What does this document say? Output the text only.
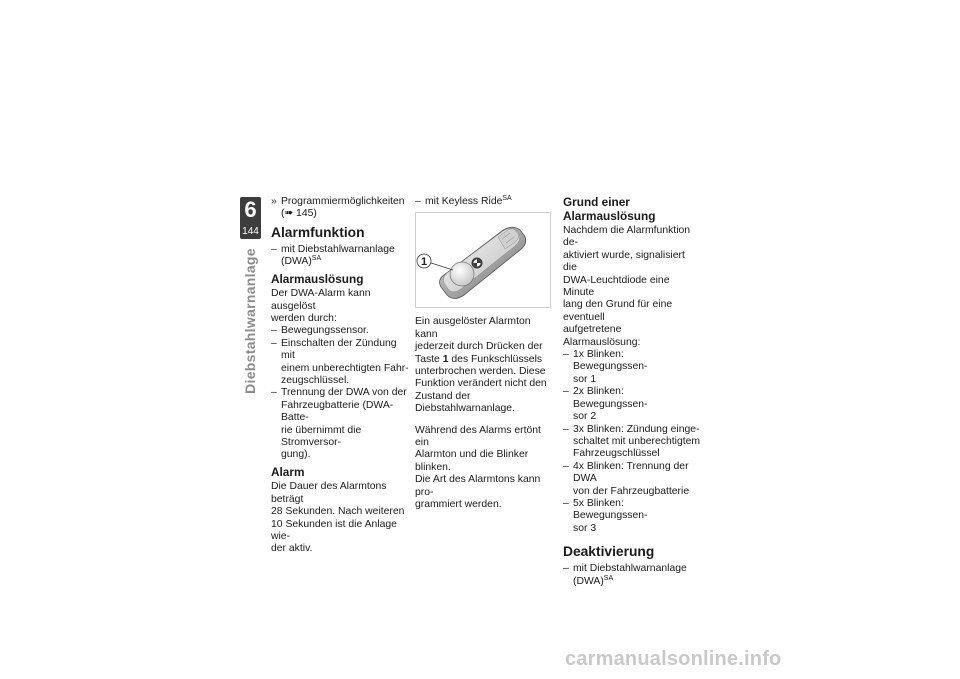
6
144
Diebstahlwarnanlage
» Programmiermöglichkeiten
(➠ 145)
Alarmfunktion
– mit Diebstahlwarnanlage
(DWA)$^{SA}$
Alarmauslösung

Der DWA-Alarm kann ausgelöst
werden durch:

– Bewegungssensor.
– Einschalten der Zündung mit
einem unberechtigten Fahr-
zeugschlüssel.
– Trennung der DWA von der
Fahrzeugbatterie (DWA-Batte-
rie übernimmt die Stromversor-
gung).
Alarm

Die Dauer des Alarmtons beträgt
28 Sekunden. Nach weiteren
10 Sekunden ist die Anlage wie-
der aktiv.

– mit Keyless Ride$^{SA}$
1

Ein ausgelöster Alarmton kann
jederzeit durch Drücken der
Taste 1 des Funkschlüssels
unterbrochen werden. Diese
Funktion verändert nicht den
Zustand der Diebstahlwarnanlage.

Während des Alarms ertönt ein
Alarmton und die Blinker blinken.
Die Art des Alarmtons kann pro-
grammiert werden.

Grund einer
Alarmauslösung

Nachdem die Alarmfunktion de-
aktiviert wurde, signalisiert die
DWA-Leuchtdiode eine Minute
lang den Grund für eine eventuell
aufgetretene Alarmauslösung:

– 1x Blinken: Bewegungssen-
sor 1
– 2x Blinken: Bewegungssen-
sor 2
– 3x Blinken: Zündung einge-
schaltet mit unberechtigtem
Fahrzeugschlüssel
– 4x Blinken: Trennung der DWA
von der Fahrzeugbatterie
– 5x Blinken: Bewegungssen-
sor 3
Deaktivierung
– mit Diebstahlwarnanlage
(DWA)$^{SA}$
carmanualsonline.info
